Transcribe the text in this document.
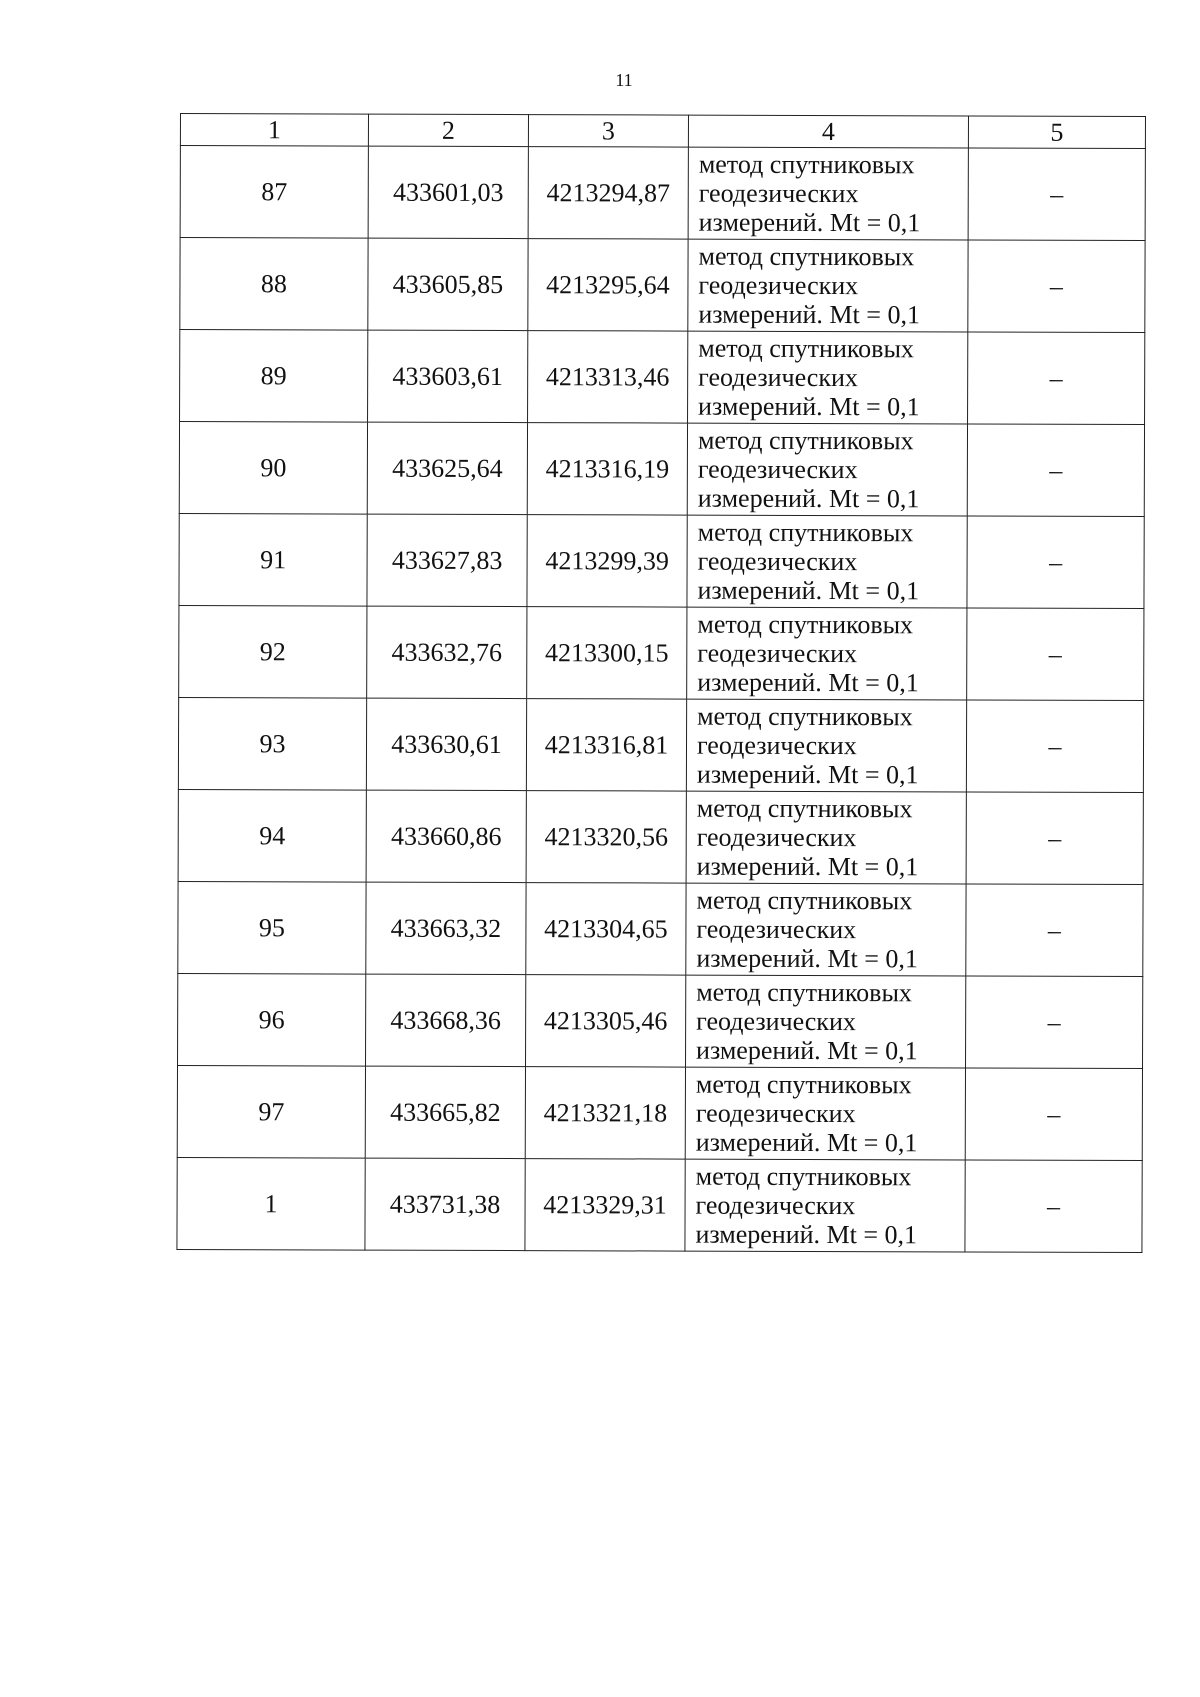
11
1	2	3	4	5
87	433601,03	4213294,87	метод спутниковых
геодезических
измерений. Mt = 0,1	–
88	433605,85	4213295,64	метод спутниковых
геодезических
измерений. Mt = 0,1	–
89	433603,61	4213313,46	метод спутниковых
геодезических
измерений. Mt = 0,1	–
90	433625,64	4213316,19	метод спутниковых
геодезических
измерений. Mt = 0,1	–
91	433627,83	4213299,39	метод спутниковых
геодезических
измерений. Mt = 0,1	–
92	433632,76	4213300,15	метод спутниковых
геодезических
измерений. Mt = 0,1	–
93	433630,61	4213316,81	метод спутниковых
геодезических
измерений. Mt = 0,1	–
94	433660,86	4213320,56	метод спутниковых
геодезических
измерений. Mt = 0,1	–
95	433663,32	4213304,65	метод спутниковых
геодезических
измерений. Mt = 0,1	–
96	433668,36	4213305,46	метод спутниковых
геодезических
измерений. Mt = 0,1	–
97	433665,82	4213321,18	метод спутниковых
геодезических
измерений. Mt = 0,1	–
1	433731,38	4213329,31	метод спутниковых
геодезических
измерений. Mt = 0,1	–
